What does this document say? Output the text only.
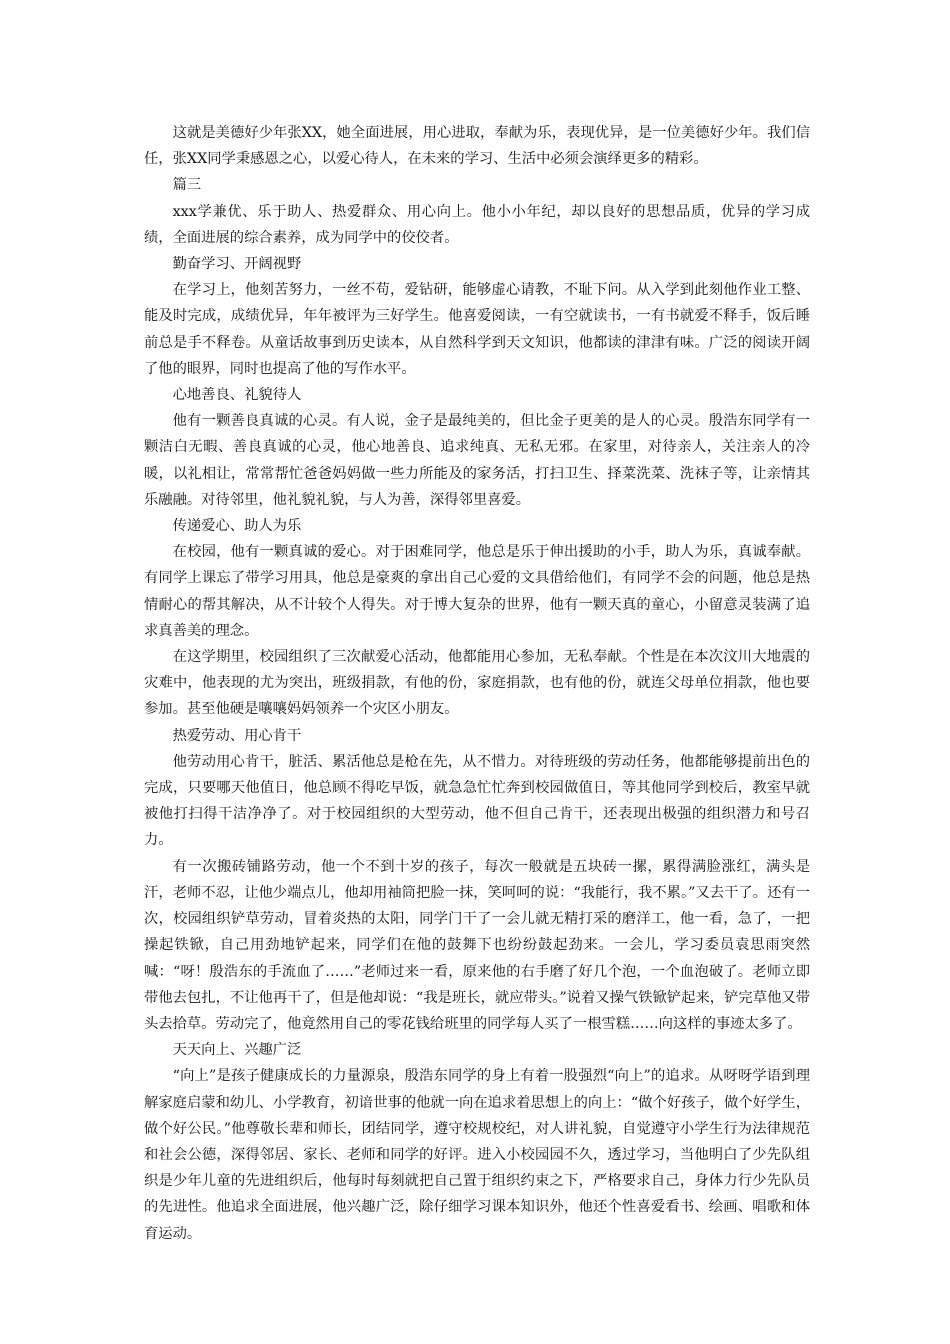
这就是美德好少年张XX，她全面进展，用心进取，奉献为乐，表现优异，是一位美德好少年。我们信任，张XX同学秉感恩之心，以爱心待人，在未来的学习、生活中必须会演绎更多的精彩。

篇三

xxx学兼优、乐于助人、热爱群众、用心向上。他小小年纪，却以良好的思想品质，优异的学习成绩，全面进展的综合素养，成为同学中的佼佼者。

勤奋学习、开阔视野

在学习上，他刻苦努力，一丝不苟，爱钻研，能够虚心请教，不耻下问。从入学到此刻他作业工整、能及时完成，成绩优异，年年被评为三好学生。他喜爱阅读，一有空就读书，一有书就爱不释手，饭后睡前总是手不释卷。从童话故事到历史读本，从自然科学到天文知识，他都读的津津有味。广泛的阅读开阔了他的眼界，同时也提高了他的写作水平。

心地善良、礼貌待人

他有一颗善良真诚的心灵。有人说，金子是最纯美的，但比金子更美的是人的心灵。殷浩东同学有一颗洁白无暇、善良真诚的心灵，他心地善良、追求纯真、无私无邪。在家里，对待亲人，关注亲人的冷暖，以礼相让，常常帮忙爸爸妈妈做一些力所能及的家务活，打扫卫生、择菜洗菜、洗袜子等，让亲情其乐融融。对待邻里，他礼貌礼貌，与人为善，深得邻里喜爱。

传递爱心、助人为乐

在校园，他有一颗真诚的爱心。对于困难同学，他总是乐于伸出援助的小手，助人为乐，真诚奉献。有同学上课忘了带学习用具，他总是豪爽的拿出自己心爱的文具借给他们，有同学不会的问题，他总是热情耐心的帮其解决，从不计较个人得失。对于博大复杂的世界，他有一颗天真的童心，小留意灵装满了追求真善美的理念。

在这学期里，校园组织了三次献爱心活动，他都能用心参加，无私奉献。个性是在本次汶川大地震的灾难中，他表现的尤为突出，班级捐款，有他的份，家庭捐款，也有他的份，就连父母单位捐款，他也要参加。甚至他硬是嚷嚷妈妈领养一个灾区小朋友。

热爱劳动、用心肯干

他劳动用心肯干，脏活、累活他总是枪在先，从不惜力。对待班级的劳动任务，他都能够提前出色的完成，只要哪天他值日，他总顾不得吃早饭，就急急忙忙奔到校园做值日，等其他同学到校后，教室早就被他打扫得干洁净净了。对于校园组织的大型劳动，他不但自己肯干，还表现出极强的组织潜力和号召力。

有一次搬砖铺路劳动，他一个不到十岁的孩子，每次一般就是五块砖一摞，累得满脸涨红，满头是汗，老师不忍，让他少端点儿，他却用袖筒把脸一抹，笑呵呵的说：“我能行，我不累。”又去干了。还有一次，校园组织铲草劳动，冒着炎热的太阳，同学门干了一会儿就无精打采的磨洋工，他一看，急了，一把操起铁锨，自己用劲地铲起来，同学们在他的鼓舞下也纷纷鼓起劲来。一会儿，学习委员袁思雨突然喊：“呀！殷浩东的手流血了……”老师过来一看，原来他的右手磨了好几个泡，一个血泡破了。老师立即带他去包扎，不让他再干了，但是他却说：“我是班长，就应带头。”说着又操气铁锨铲起来，铲完草他又带头去拾草。劳动完了，他竟然用自己的零花钱给班里的同学每人买了一根雪糕……向这样的事迹太多了。

天天向上、兴趣广泛

“向上”是孩子健康成长的力量源泉，殷浩东同学的身上有着一股强烈“向上”的追求。从呀呀学语到理解家庭启蒙和幼儿、小学教育，初谙世事的他就一向在追求着思想上的向上：“做个好孩子，做个好学生，做个好公民。”他尊敬长辈和师长，团结同学，遵守校规校纪，对人讲礼貌，自觉遵守小学生行为法律规范和社会公德，深得邻居、家长、老师和同学的好评。进入小校园园不久，透过学习，当他明白了少先队组织是少年儿童的先进组织后，他每时每刻就把自己置于组织约束之下，严格要求自己，身体力行少先队员的先进性。他追求全面进展，他兴趣广泛，除仔细学习课本知识外，他还个性喜爱看书、绘画、唱歌和体育运动。
